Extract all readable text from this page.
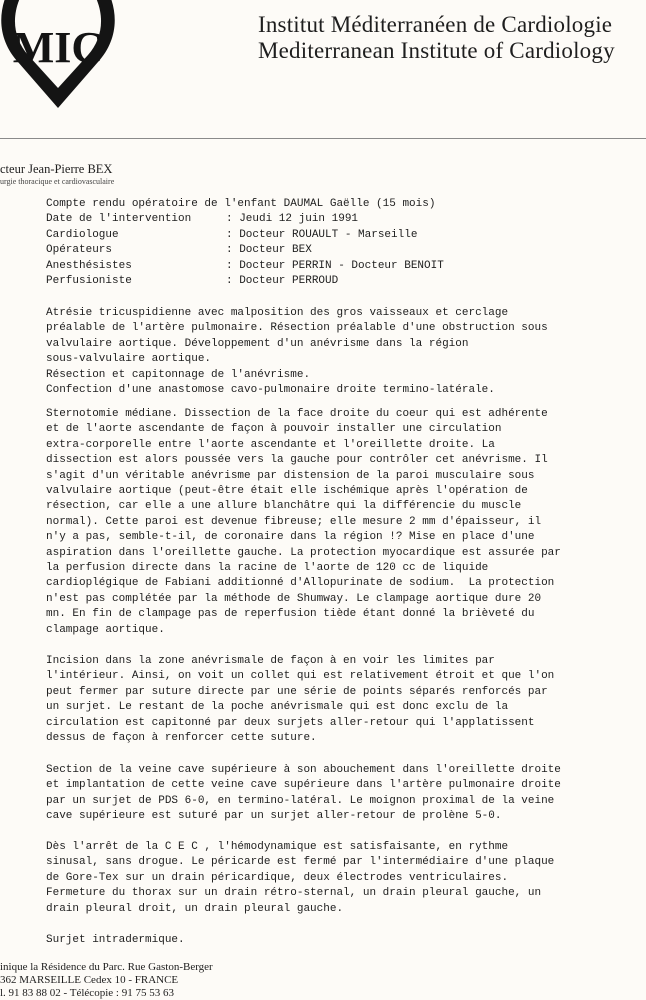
MIC	Institut Méditerranéen de Cardiologie
Mediterranean Institute of Cardiology
cteur Jean-Pierre BEX
urgie thoracique et cardiovasculaire
Compte rendu opératoire de l'enfant DAUMAL Gaëlle (15 mois)
Date de l'intervention	: Jeudi 12 juin 1991
Cardiologue	: Docteur ROUAULT - Marseille
Opérateurs	: Docteur BEX
Anesthésistes	: Docteur PERRIN - Docteur BENOIT
Perfusioniste	: Docteur PERROUD
Atrésie tricuspidienne avec malposition des gros vaisseaux et cerclage
préalable de l'artère pulmonaire. Résection préalable d'une obstruction sous
valvulaire aortique. Développement d'un anévrisme dans la région
sous-valvulaire aortique.
Résection et capitonnage de l'anévrisme.
Confection d'une anastomose cavo-pulmonaire droite termino-latérale.
Sternotomie médiane. Dissection de la face droite du coeur qui est adhérente
et de l'aorte ascendante de façon à pouvoir installer une circulation
extra-corporelle entre l'aorte ascendante et l'oreillette droite. La
dissection est alors poussée vers la gauche pour contrôler cet anévrisme. Il
s'agit d'un véritable anévrisme par distension de la paroi musculaire sous
valvulaire aortique (peut-être était elle ischémique après l'opération de
résection, car elle a une allure blanchâtre qui la différencie du muscle
normal). Cette paroi est devenue fibreuse; elle mesure 2 mm d'épaisseur, il
n'y a pas, semble-t-il, de coronaire dans la région !? Mise en place d'une
aspiration dans l'oreillette gauche. La protection myocardique est assurée par
la perfusion directe dans la racine de l'aorte de 120 cc de liquide
cardioplégique de Fabiani additionné d'Allopurinate de sodium.  La protection
n'est pas complétée par la méthode de Shumway. Le clampage aortique dure 20
mn. En fin de clampage pas de reperfusion tiède étant donné la brièveté du
clampage aortique.
Incision dans la zone anévrismale de façon à en voir les limites par
l'intérieur. Ainsi, on voit un collet qui est relativement étroit et que l'on
peut fermer par suture directe par une série de points séparés renforcés par
un surjet. Le restant de la poche anévrismale qui est donc exclu de la
circulation est capitonné par deux surjets aller-retour qui l'applatissent
dessus de façon à renforcer cette suture.
Section de la veine cave supérieure à son abouchement dans l'oreillette droite
et implantation de cette veine cave supérieure dans l'artère pulmonaire droite
par un surjet de PDS 6-0, en termino-latéral. Le moignon proximal de la veine
cave supérieure est suturé par un surjet aller-retour de prolène 5-0.
Dès l'arrêt de la C E C , l'hémodynamique est satisfaisante, en rythme
sinusal, sans drogue. Le péricarde est fermé par l'intermédiaire d'une plaque
de Gore-Tex sur un drain péricardique, deux électrodes ventriculaires.
Fermeture du thorax sur un drain rétro-sternal, un drain pleural gauche, un
drain pleural droit, un drain pleural gauche.
Surjet intradermique.
inique la Résidence du Parc. Rue Gaston-Berger
362 MARSEILLE Cedex 10 - FRANCE
l. 91 83 88 02 - Télécopie : 91 75 53 63
